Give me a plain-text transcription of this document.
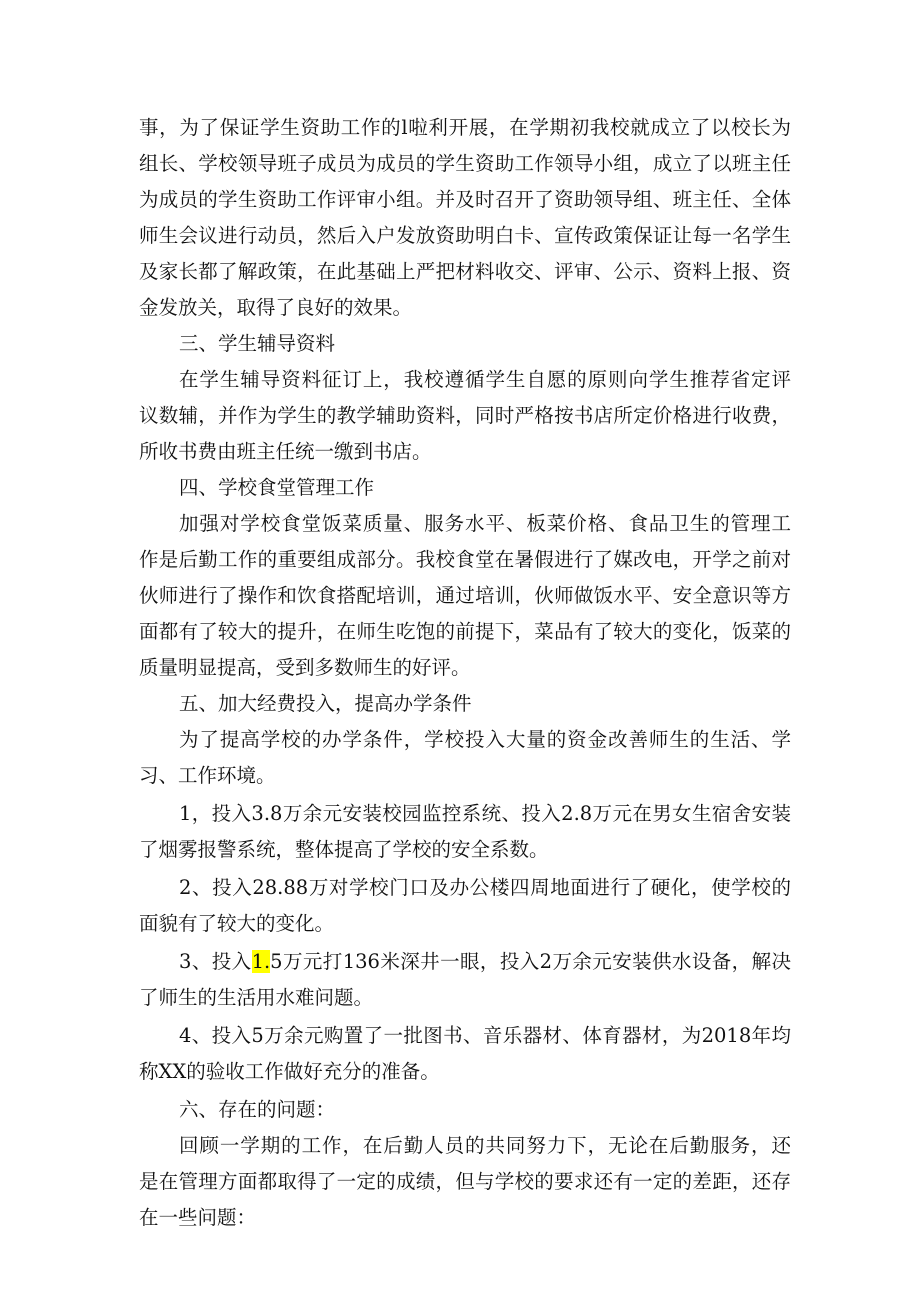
事，为了保证学生资助工作的l啦利开展，在学期初我校就成立了以校长为
组长、学校领导班子成员为成员的学生资助工作领导小组，成立了以班主任
为成员的学生资助工作评审小组。并及时召开了资助领导组、班主任、全体
师生会议进行动员，然后入户发放资助明白卡、宣传政策保证让每一名学生
及家长都了解政策，在此基础上严把材料收交、评审、公示、资料上报、资
金发放关，取得了良好的效果。
三、学生辅导资料
在学生辅导资料征订上，我校遵循学生自愿的原则向学生推荐省定评
议数辅，并作为学生的教学辅助资料，同时严格按书店所定价格进行收费，
所收书费由班主任统一缴到书店。
四、学校食堂管理工作
加强对学校食堂饭菜质量、服务水平、板菜价格、食品卫生的管理工
作是后勤工作的重要组成部分。我校食堂在暑假进行了媒改电，开学之前对
伙师进行了操作和饮食搭配培训，通过培训，伙师做饭水平、安全意识等方
面都有了较大的提升，在师生吃饱的前提下，菜品有了较大的变化，饭菜的
质量明显提高，受到多数师生的好评。
五、加大经费投入，提高办学条件
为了提高学校的办学条件，学校投入大量的资金改善师生的生活、学
习、工作环境。
1，投入3.8万余元安装校园监控系统、投入2.8万元在男女生宿舍安装
了烟雾报警系统，整体提高了学校的安全系数。
2、投入28.88万对学校门口及办公楼四周地面进行了硬化，使学校的
面貌有了较大的变化。
3、投入1.5万元打136米深井一眼，投入2万余元安装供水设备，解决
了师生的生活用水难问题。
4、投入5万余元购置了一批图书、音乐器材、体育器材，为2018年均
称XX的验收工作做好充分的准备。
六、存在的问题：
回顾一学期的工作，在后勤人员的共同努力下，无论在后勤服务，还
是在管理方面都取得了一定的成绩，但与学校的要求还有一定的差距，还存
在一些问题：
